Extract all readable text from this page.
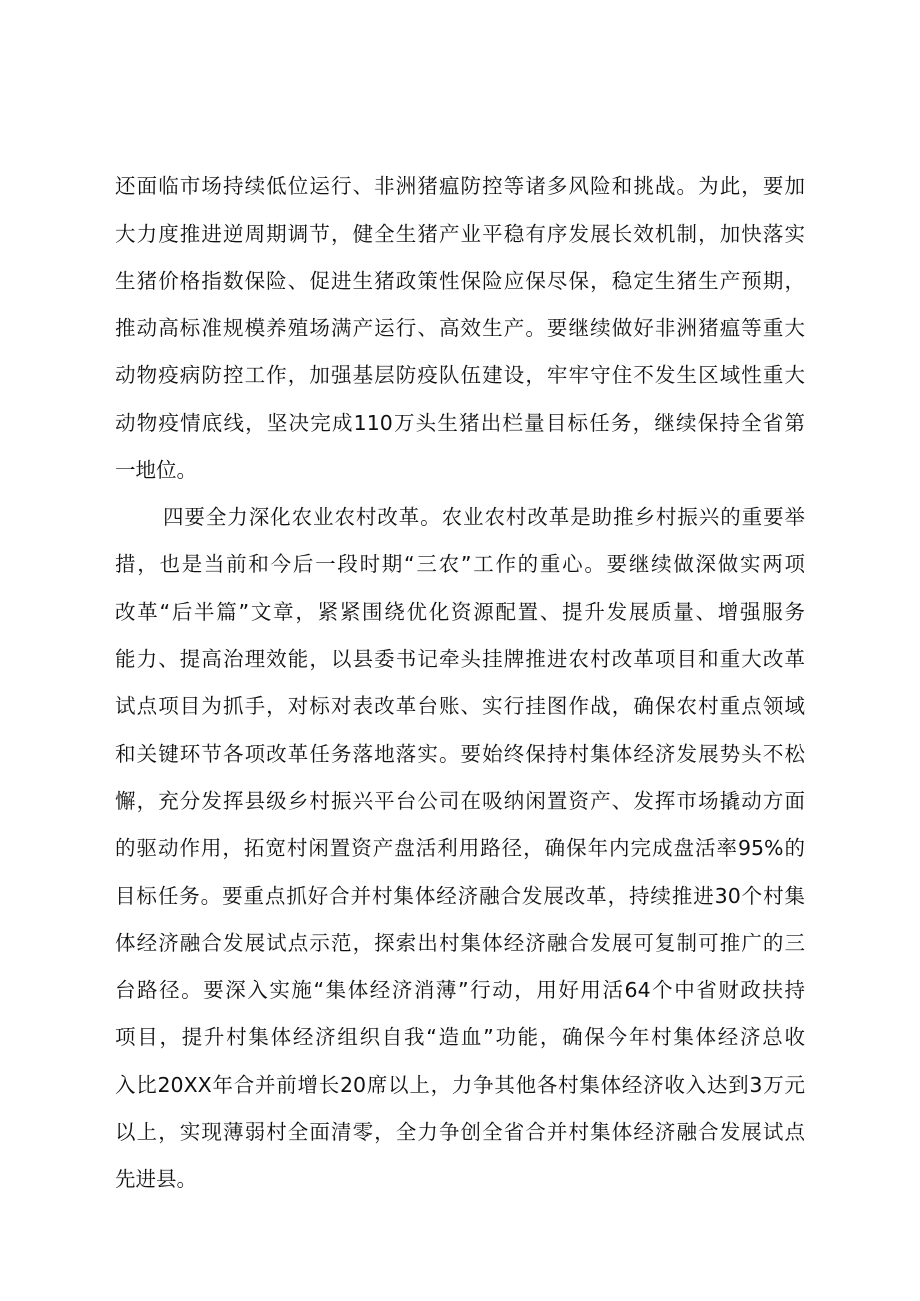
还面临市场持续低位运行、非洲猪瘟防控等诸多风险和挑战。为此，要加
大力度推进逆周期调节，健全生猪产业平稳有序发展长效机制，加快落实
生猪价格指数保险、促进生猪政策性保险应保尽保，稳定生猪生产预期，
推动高标准规模养殖场满产运行、高效生产。要继续做好非洲猪瘟等重大
动物疫病防控工作，加强基层防疫队伍建设，牢牢守住不发生区域性重大
动物疫情底线，坚决完成110万头生猪出栏量目标任务，继续保持全省第
一地位。
四要全力深化农业农村改革。农业农村改革是助推乡村振兴的重要举
措，也是当前和今后一段时期“三农”工作的重心。要继续做深做实两项
改革“后半篇”文章，紧紧围绕优化资源配置、提升发展质量、增强服务
能力、提高治理效能，以县委书记牵头挂牌推进农村改革项目和重大改革
试点项目为抓手，对标对表改革台账、实行挂图作战，确保农村重点领域
和关键环节各项改革任务落地落实。要始终保持村集体经济发展势头不松
懈，充分发挥县级乡村振兴平台公司在吸纳闲置资产、发挥市场撬动方面
的驱动作用，拓宽村闲置资产盘活利用路径，确保年内完成盘活率95%的
目标任务。要重点抓好合并村集体经济融合发展改革，持续推进30个村集
体经济融合发展试点示范，探索出村集体经济融合发展可复制可推广的三
台路径。要深入实施“集体经济消薄”行动，用好用活64个中省财政扶持
项目，提升村集体经济组织自我“造血”功能，确保今年村集体经济总收
入比20XX年合并前增长20席以上，力争其他各村集体经济收入达到3万元
以上，实现薄弱村全面清零，全力争创全省合并村集体经济融合发展试点
先进县。
